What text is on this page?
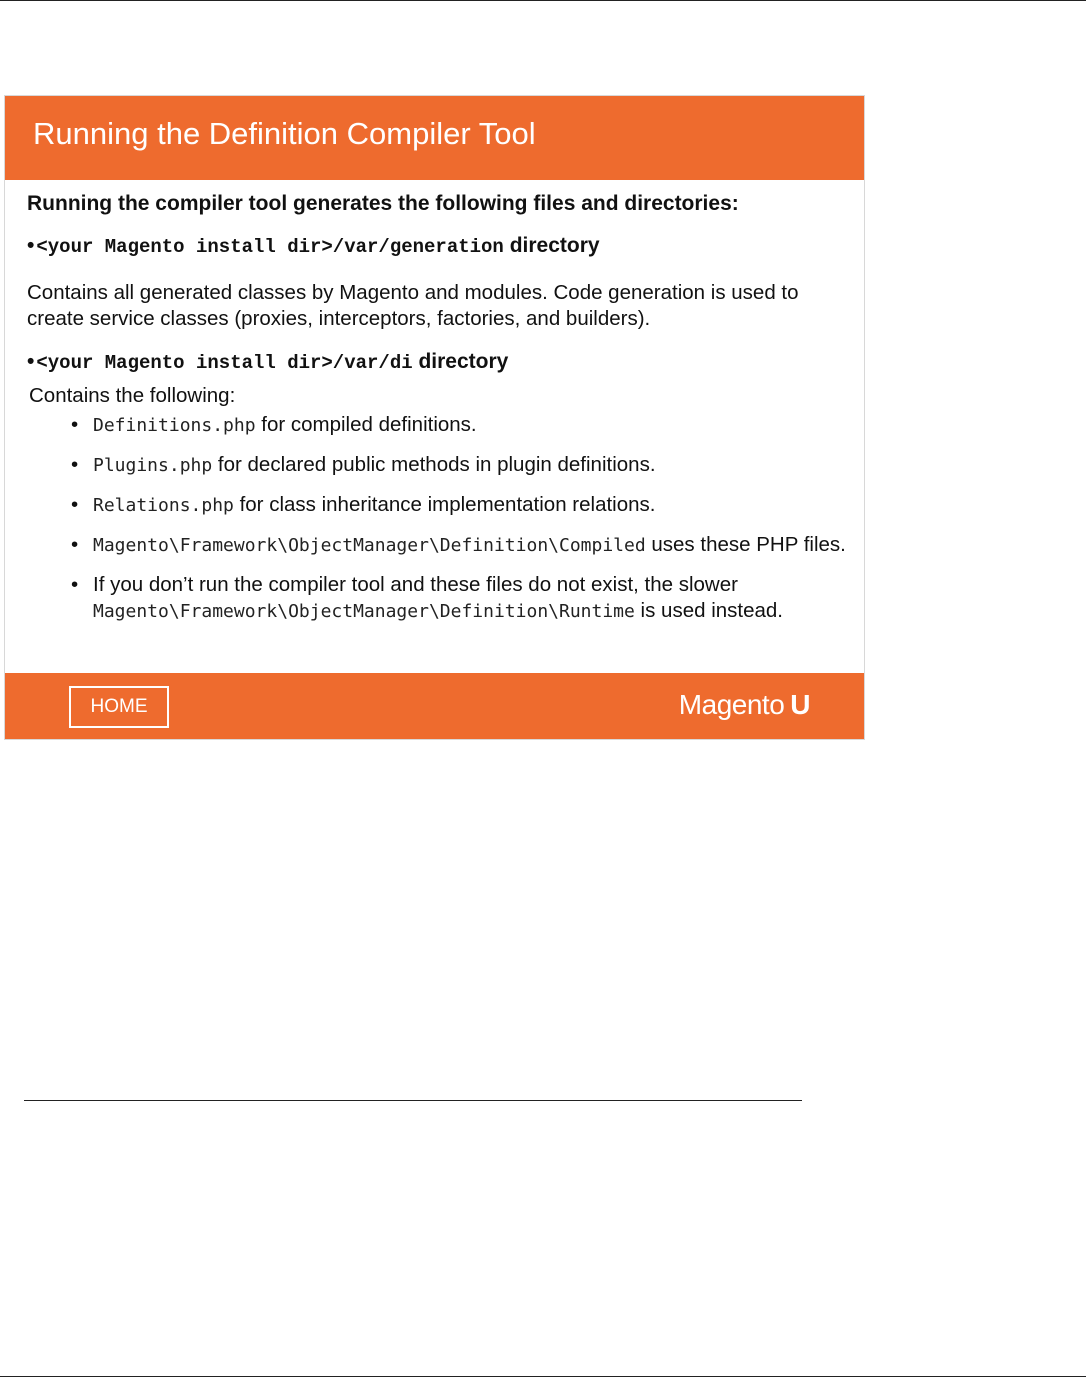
Running the Definition Compiler Tool

Running the compiler tool generates the following files and directories:

• <your Magento install dir>/var/generation directory

Contains all generated classes by Magento and modules. Code generation is used to create service classes (proxies, interceptors, factories, and builders).

• <your Magento install dir>/var/di directory

Contains the following:

• Definitions.php for compiled definitions.
• Plugins.php for declared public methods in plugin definitions.
• Relations.php for class inheritance implementation relations.
• Magento\Framework\ObjectManager\Definition\Compiled uses these PHP files.
• If you don’t run the compiler tool and these files do not exist, the slower Magento\Framework\ObjectManager\Definition\Runtime is used instead.
HOME	Magento U
